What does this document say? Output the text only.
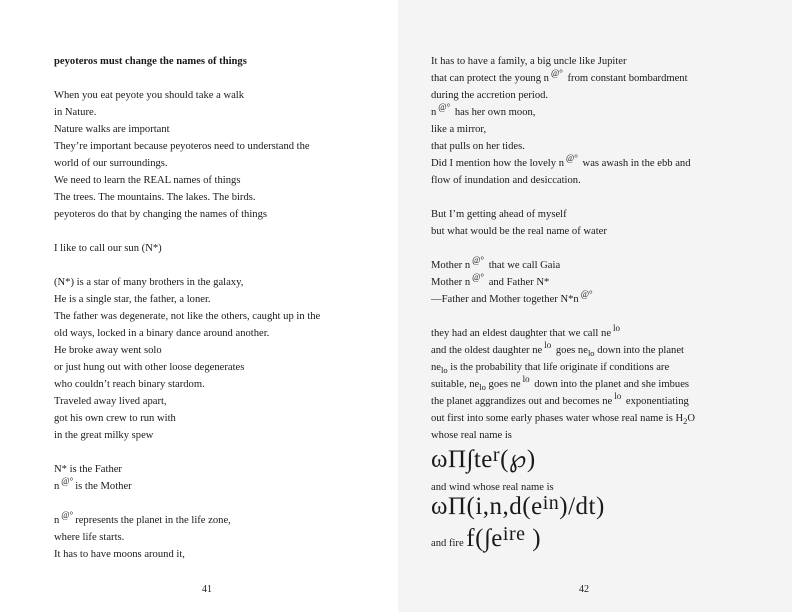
peyoteros must change the names of things
When you eat peyote you should take a walk
in Nature.
Nature walks are important
They’re important because peyoteros need to understand the
world of our surroundings.
We need to learn the REAL names of things
The trees. The mountains. The lakes. The birds.
peyoteros do that by changing the names of things
I like to call our sun (N*)
(N*) is a star of many brothers in the galaxy,
He is a single star, the father, a loner.
The father was degenerate, not like the others, caught up in the
old ways, locked in a binary dance around another.
He broke away went solo
or just hung out with other loose degenerates
who couldn’t reach binary stardom.
Traveled away lived apart,
got his own crew to run with
in the great milky spew
N* is the Father
n @° is the Mother
n @° represents the planet in the life zone,
where life starts.
It has to have moons around it,
41
It has to have a family, a big uncle like Jupiter
that can protect the young n @° from constant bombardment
during the accretion period.
n @° has her own moon,
like a mirror,
that pulls on her tides.
Did I mention how the lovely n @° was awash in the ebb and
flow of inundation and desiccation.
But I’m getting ahead of myself
but what would be the real name of water
Mother n @° that we call Gaia
Mother n @° and Father N*
—Father and Mother together N*n @°
they had an eldest daughter that we call ne $^{lo}$
and the oldest daughter ne $^{lo}$ goes $ne_{lo}$ down into the planet
$ne_{lo}$ is the probability that life originate if conditions are
suitable, $ne_{lo}$ goes ne $^{lo}$ down into the planet and she imbues
the planet aggrandizes out and becomes ne $^{lo}$ exponentiating
out first into some early phases water whose real name is $H_2O$
whose real name is
ωΠ∫ter(℘)
and wind whose real name is
ωΠ(i,n,d(ein)/dt)
and fire f(∫eire )
42
